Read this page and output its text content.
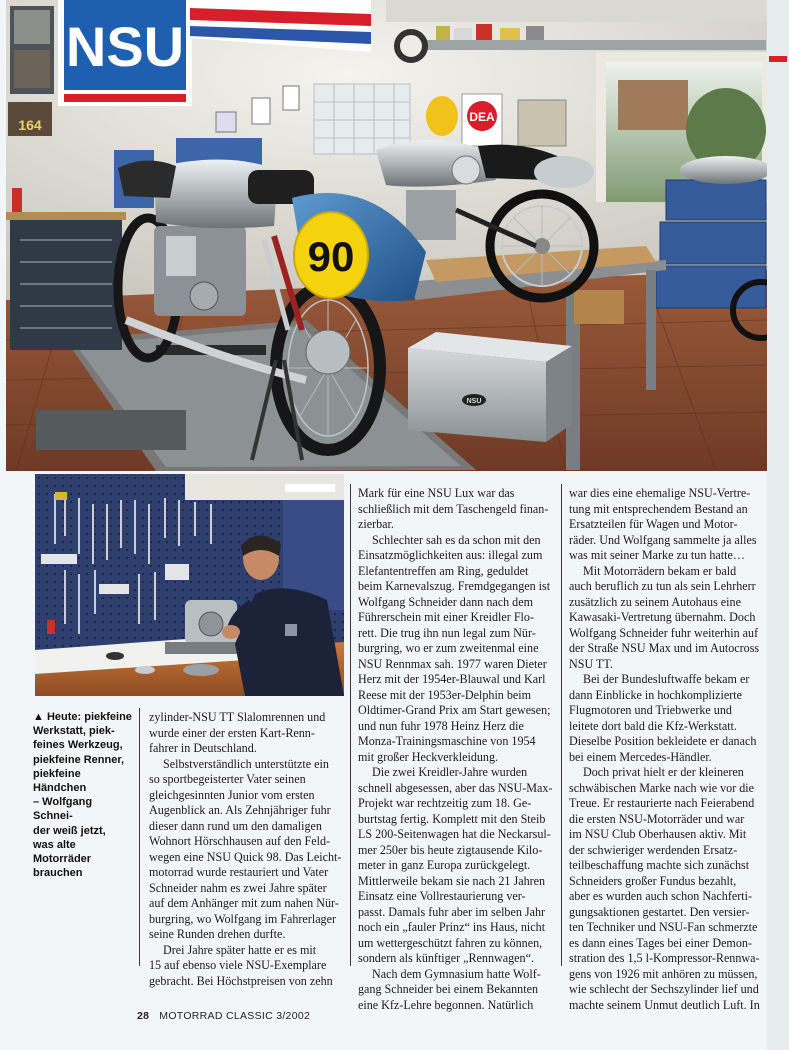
NSU
164	DEA
NSU
90
▲ Heute: piekfeine
Werkstatt, piek-
feines Werkzeug,
piekfeine Renner,
piekfeine Händchen
– Wolfgang Schnei-
der weiß jetzt,
was alte Motorräder
brauchen

zylinder-NSU TT Slalomrennen und
wurde einer der ersten Kart-Renn-
fahrer in Deutschland.

Selbstverständlich unterstützte ein
so sportbegeisterter Vater seinen
gleichgesinnten Junior vom ersten
Augenblick an. Als Zehnjähriger fuhr
dieser dann rund um den damaligen
Wohnort Hörschhausen auf den Feld-
wegen eine NSU Quick 98. Das Leicht-
motorrad wurde restauriert und Vater
Schneider nahm es zwei Jahre später
auf dem Anhänger mit zum nahen Nür-
burgring, wo Wolfgang im Fahrerlager
seine Runden drehen durfte.

Drei Jahre später hatte er es mit
15 auf ebenso viele NSU-Exemplare
gebracht. Bei Höchstpreisen von zehn

Mark für eine NSU Lux war das
schließlich mit dem Taschengeld finan-
zierbar.

Schlechter sah es da schon mit den
Einsatzmöglichkeiten aus: illegal zum
Elefantentreffen am Ring, geduldet
beim Karnevalszug. Fremdgegangen ist
Wolfgang Schneider dann nach dem
Führerschein mit einer Kreidler Flo-
rett. Die trug ihn nun legal zum Nür-
burgring, wo er zum zweitenmal eine
NSU Rennmax sah. 1977 waren Dieter
Herz mit der 1954er-Blauwal und Karl
Reese mit der 1953er-Delphin beim
Oldtimer-Grand Prix am Start gewesen;
und nun fuhr 1978 Heinz Herz die
Monza-Trainingsmaschine von 1954
mit großer Heckverkleidung.

Die zwei Kreidler-Jahre wurden
schnell abgesessen, aber das NSU-Max-
Projekt war rechtzeitig zum 18. Ge-
burtstag fertig. Komplett mit den Steib
LS 200-Seitenwagen hat die Neckarsul-
mer 250er bis heute zigtausende Kilo-
meter in ganz Europa zurückgelegt.
Mittlerweile bekam sie nach 21 Jahren
Einsatz eine Vollrestaurierung ver-
passt. Damals fuhr aber im selben Jahr
noch ein „fauler Prinz“ ins Haus, nicht
um wettergeschützt fahren zu können,
sondern als künftiger „Rennwagen“.

Nach dem Gymnasium hatte Wolf-
gang Schneider bei einem Bekannten
eine Kfz-Lehre begonnen. Natürlich

war dies eine ehemalige NSU-Vertre-
tung mit entsprechendem Bestand an
Ersatzteilen für Wagen und Motor-
räder. Und Wolfgang sammelte ja alles
was mit seiner Marke zu tun hatte…

Mit Motorrädern bekam er bald
auch beruflich zu tun als sein Lehrherr
zusätzlich zu seinem Autohaus eine
Kawasaki-Vertretung übernahm. Doch
Wolfgang Schneider fuhr weiterhin auf
der Straße NSU Max und im Autocross
NSU TT.

Bei der Bundesluftwaffe bekam er
dann Einblicke in hochkomplizierte
Flugmotoren und Triebwerke und
leitete dort bald die Kfz-Werkstatt.
Dieselbe Position bekleidete er danach
bei einem Mercedes-Händler.

Doch privat hielt er der kleineren
schwäbischen Marke nach wie vor die
Treue. Er restaurierte nach Feierabend
die ersten NSU-Motorräder und war
im NSU Club Oberhausen aktiv. Mit
der schwieriger werdenden Ersatz-
teilbeschaffung machte sich zunächst
Schneiders großer Fundus bezahlt,
aber es wurden auch schon Nachferti-
gungsaktionen gestartet. Den versier-
ten Techniker und NSU-Fan schmerzte
es dann eines Tages bei einer Demon-
stration des 1,5 l-Kompressor-Rennwa-
gens von 1926 mit anhören zu müssen,
wie schlecht der Sechszylinder lief und
machte seinem Unmut deutlich Luft. In

28 MOTORRAD CLASSIC 3/2002
